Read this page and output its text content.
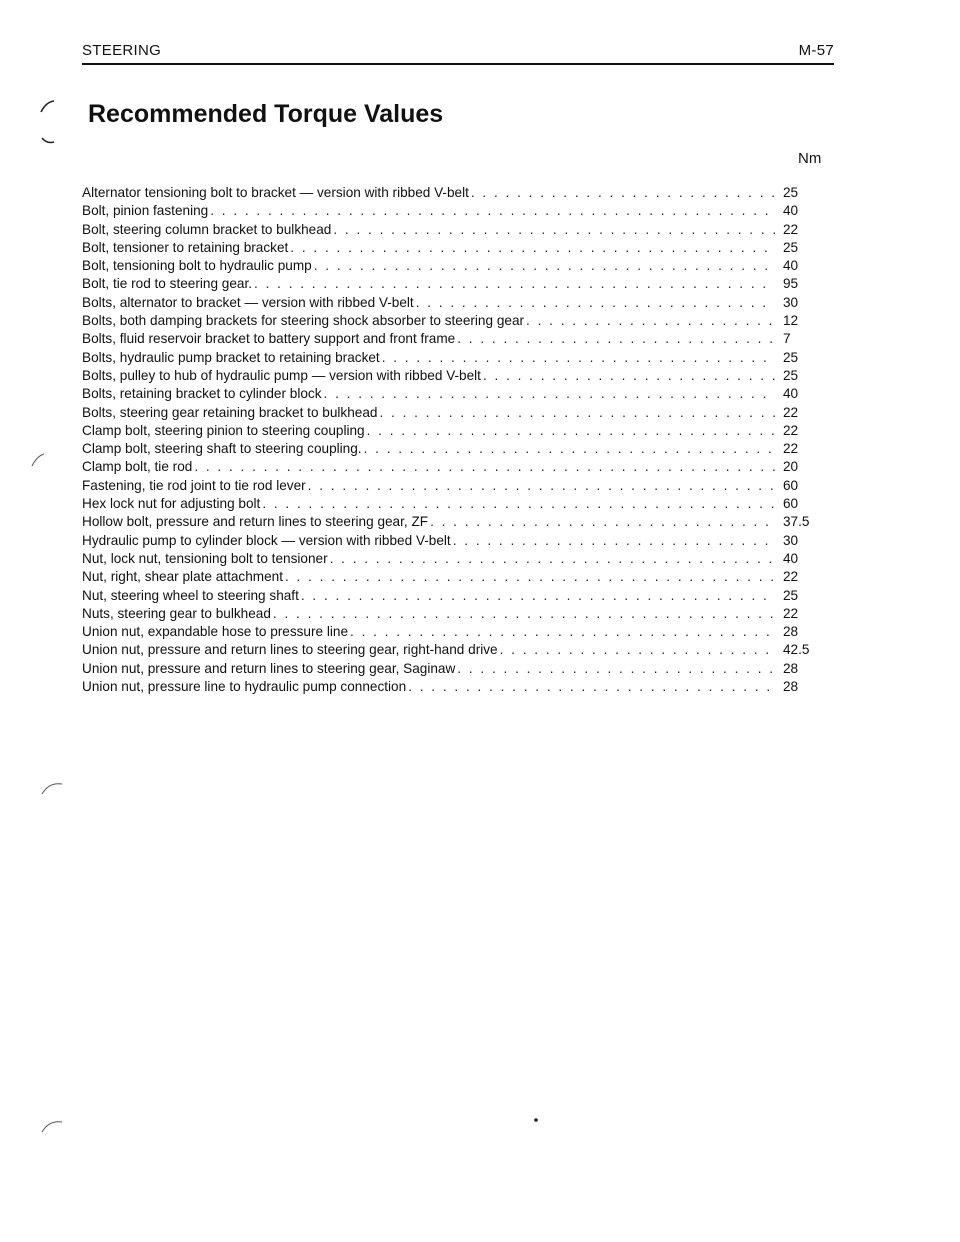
STEERING	M-57
Recommended Torque Values
Nm
Alternator tensioning bolt to bracket — version with ribbed V-belt . . .	25
Bolt, pinion fastening . . .	40
Bolt, steering column bracket to bulkhead . . .	22
Bolt, tensioner to retaining bracket . . .	25
Bolt, tensioning bolt to hydraulic pump . . .	40
Bolt, tie rod to steering gear. . . .	95
Bolts, alternator to bracket — version with ribbed V-belt . . .	30
Bolts, both damping brackets for steering shock absorber to steering gear . . .	12
Bolts, fluid reservoir bracket to battery support and front frame . . .	7
Bolts, hydraulic pump bracket to retaining bracket . . .	25
Bolts, pulley to hub of hydraulic pump — version with ribbed V-belt . . .	25
Bolts, retaining bracket to cylinder block . . .	40
Bolts, steering gear retaining bracket to bulkhead . . .	22
Clamp bolt, steering pinion to steering coupling . . .	22
Clamp bolt, steering shaft to steering coupling. . . .	22
Clamp bolt, tie rod . . .	20
Fastening, tie rod joint to tie rod lever . . .	60
Hex lock nut for adjusting bolt . . .	60
Hollow bolt, pressure and return lines to steering gear, ZF . . .	37.5
Hydraulic pump to cylinder block — version with ribbed V-belt . . .	30
Nut, lock nut, tensioning bolt to tensioner . . .	40
Nut, right, shear plate attachment . . .	22
Nut, steering wheel to steering shaft . . .	25
Nuts, steering gear to bulkhead . . .	22
Union nut, expandable hose to pressure line . . .	28
Union nut, pressure and return lines to steering gear, right-hand drive . . .	42.5
Union nut, pressure and return lines to steering gear, Saginaw . . .	28
Union nut, pressure line to hydraulic pump connection . . .	28
